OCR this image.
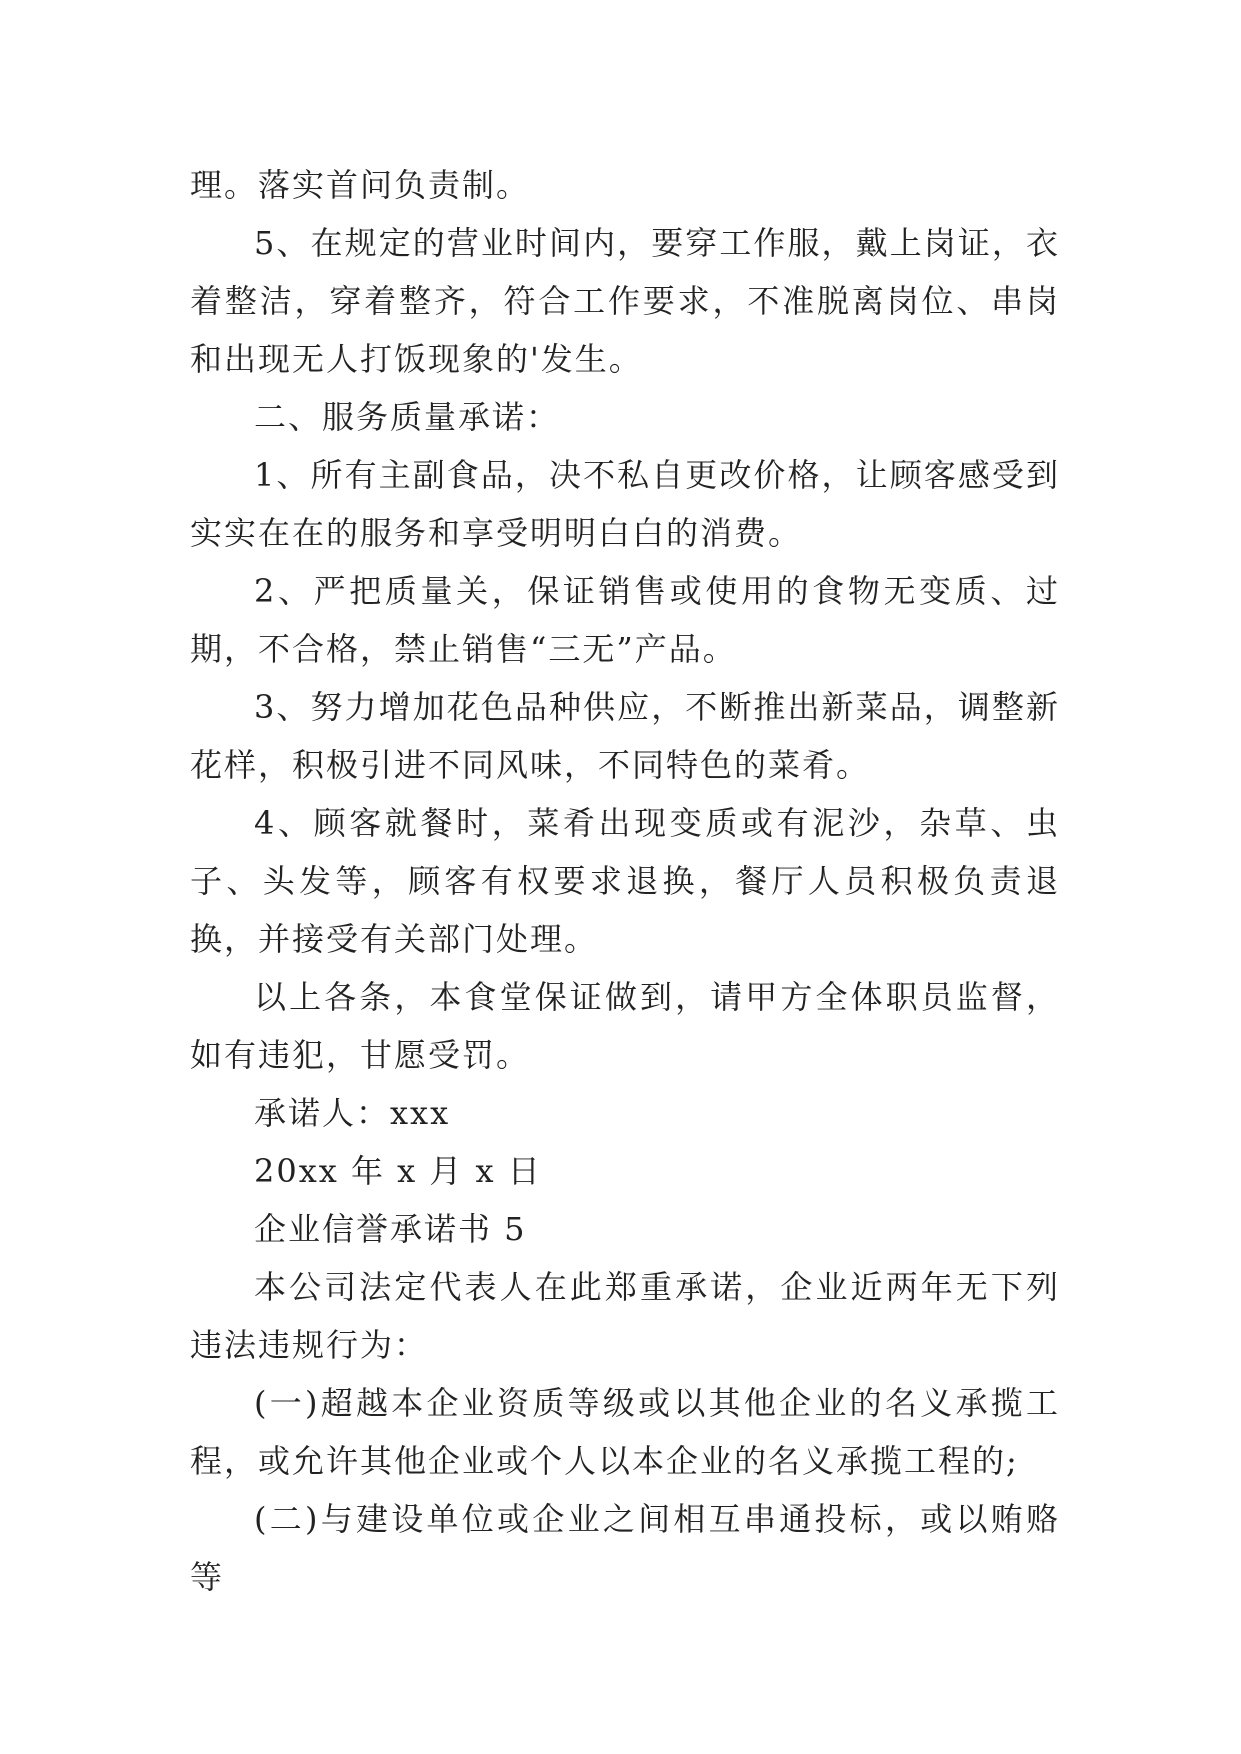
理。落实首问负责制。

5、在规定的营业时间内，要穿工作服，戴上岗证，衣着整洁，穿着整齐，符合工作要求，不准脱离岗位、串岗和出现无人打饭现象的'发生。

二、服务质量承诺：

1、所有主副食品，决不私自更改价格，让顾客感受到实实在在的服务和享受明明白白的消费。

2、严把质量关，保证销售或使用的食物无变质、过期，不合格，禁止销售“三无”产品。

3、努力增加花色品种供应，不断推出新菜品，调整新花样，积极引进不同风味，不同特色的菜肴。

4、顾客就餐时，菜肴出现变质或有泥沙，杂草、虫子、头发等，顾客有权要求退换，餐厅人员积极负责退换，并接受有关部门处理。

以上各条，本食堂保证做到，请甲方全体职员监督，如有违犯，甘愿受罚。

承诺人：xxx

20xx 年 x 月 x 日

企业信誉承诺书 5

本公司法定代表人在此郑重承诺，企业近两年无下列违法违规行为：

(一)超越本企业资质等级或以其他企业的名义承揽工程，或允许其他企业或个人以本企业的名义承揽工程的;

(二)与建设单位或企业之间相互串通投标，或以贿赂等
